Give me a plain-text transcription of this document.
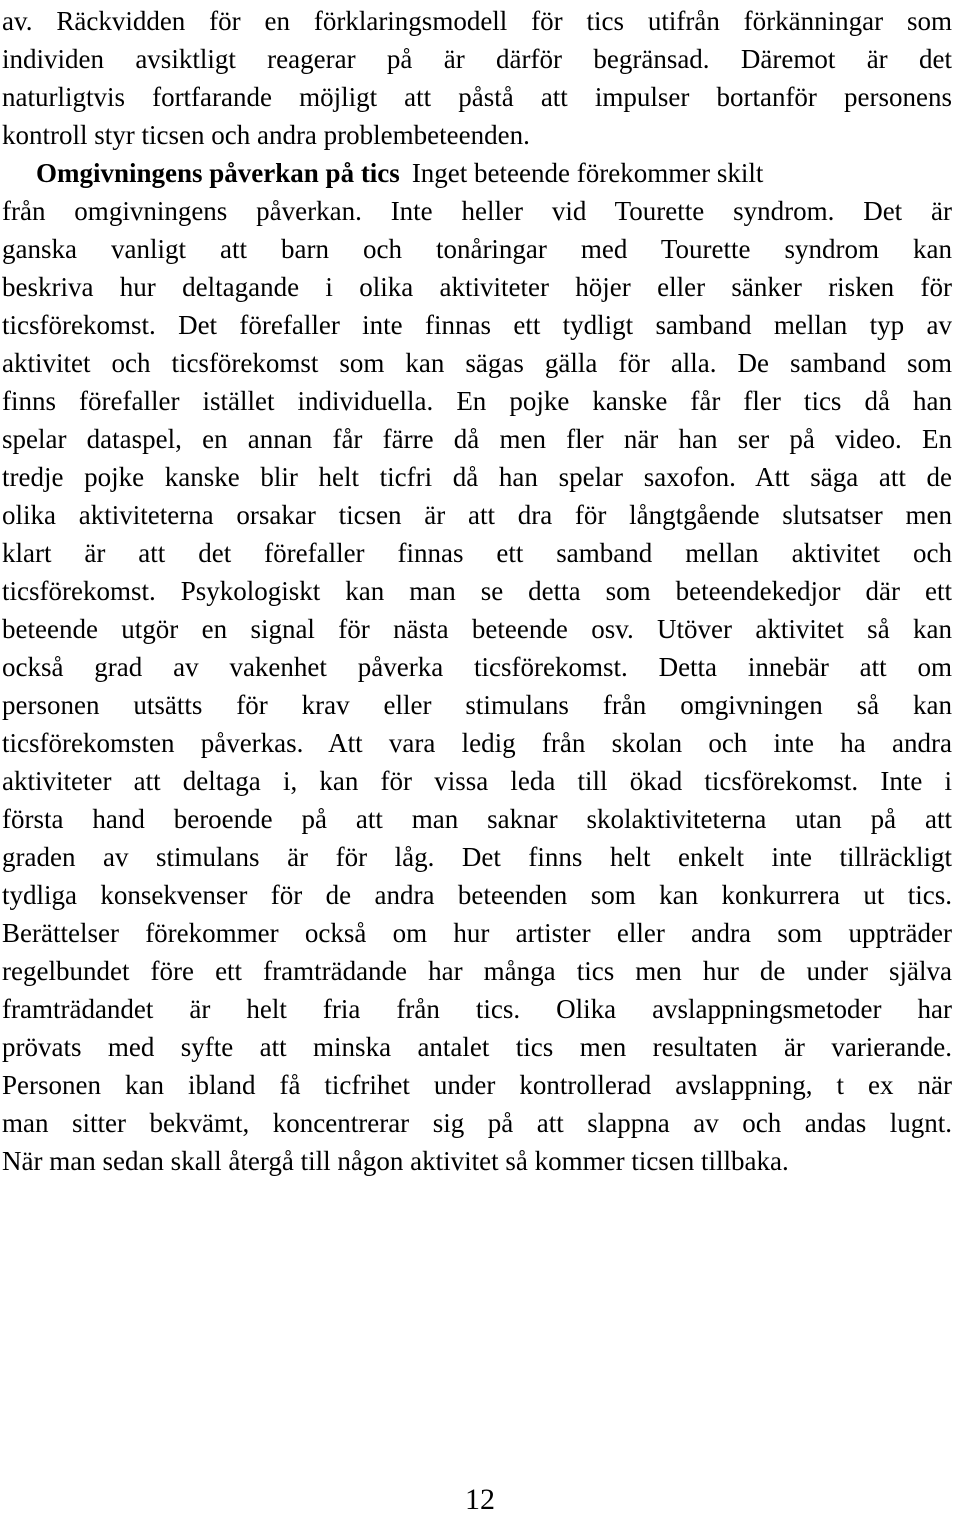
av. Räckvidden för en förklaringsmodell för tics utifrån förkänningar som
individen avsiktligt reagerar på är därför begränsad. Däremot är det
naturligtvis fortfarande möjligt att påstå att impulser bortanför personens
kontroll styr ticsen och andra problembeteenden.
Omgivningens påverkan på tics Inget beteende förekommer skilt
från omgivningens påverkan. Inte heller vid Tourette syndrom. Det är
ganska vanligt att barn och tonåringar med Tourette syndrom kan
beskriva hur deltagande i olika aktiviteter höjer eller sänker risken för
ticsförekomst. Det förefaller inte finnas ett tydligt samband mellan typ av
aktivitet och ticsförekomst som kan sägas gälla för alla. De samband som
finns förefaller istället individuella. En pojke kanske får fler tics då han
spelar dataspel, en annan får färre då men fler när han ser på video. En
tredje pojke kanske blir helt ticfri då han spelar saxofon. Att säga att de
olika aktiviteterna orsakar ticsen är att dra för långtgående slutsatser men
klart är att det förefaller finnas ett samband mellan aktivitet och
ticsförekomst. Psykologiskt kan man se detta som beteendekedjor där ett
beteende utgör en signal för nästa beteende osv. Utöver aktivitet så kan
också grad av vakenhet påverka ticsförekomst. Detta innebär att om
personen utsätts för krav eller stimulans från omgivningen så kan
ticsförekomsten påverkas. Att vara ledig från skolan och inte ha andra
aktiviteter att deltaga i, kan för vissa leda till ökad ticsförekomst. Inte i
första hand beroende på att man saknar skolaktiviteterna utan på att
graden av stimulans är för låg. Det finns helt enkelt inte tillräckligt
tydliga konsekvenser för de andra beteenden som kan konkurrera ut tics.
Berättelser förekommer också om hur artister eller andra som uppträder
regelbundet före ett framträdande har många tics men hur de under själva
framträdandet är helt fria från tics. Olika avslappningsmetoder har
prövats med syfte att minska antalet tics men resultaten är varierande.
Personen kan ibland få ticfrihet under kontrollerad avslappning, t ex när
man sitter bekvämt, koncentrerar sig på att slappna av och andas lugnt.
När man sedan skall återgå till någon aktivitet så kommer ticsen tillbaka.
12
